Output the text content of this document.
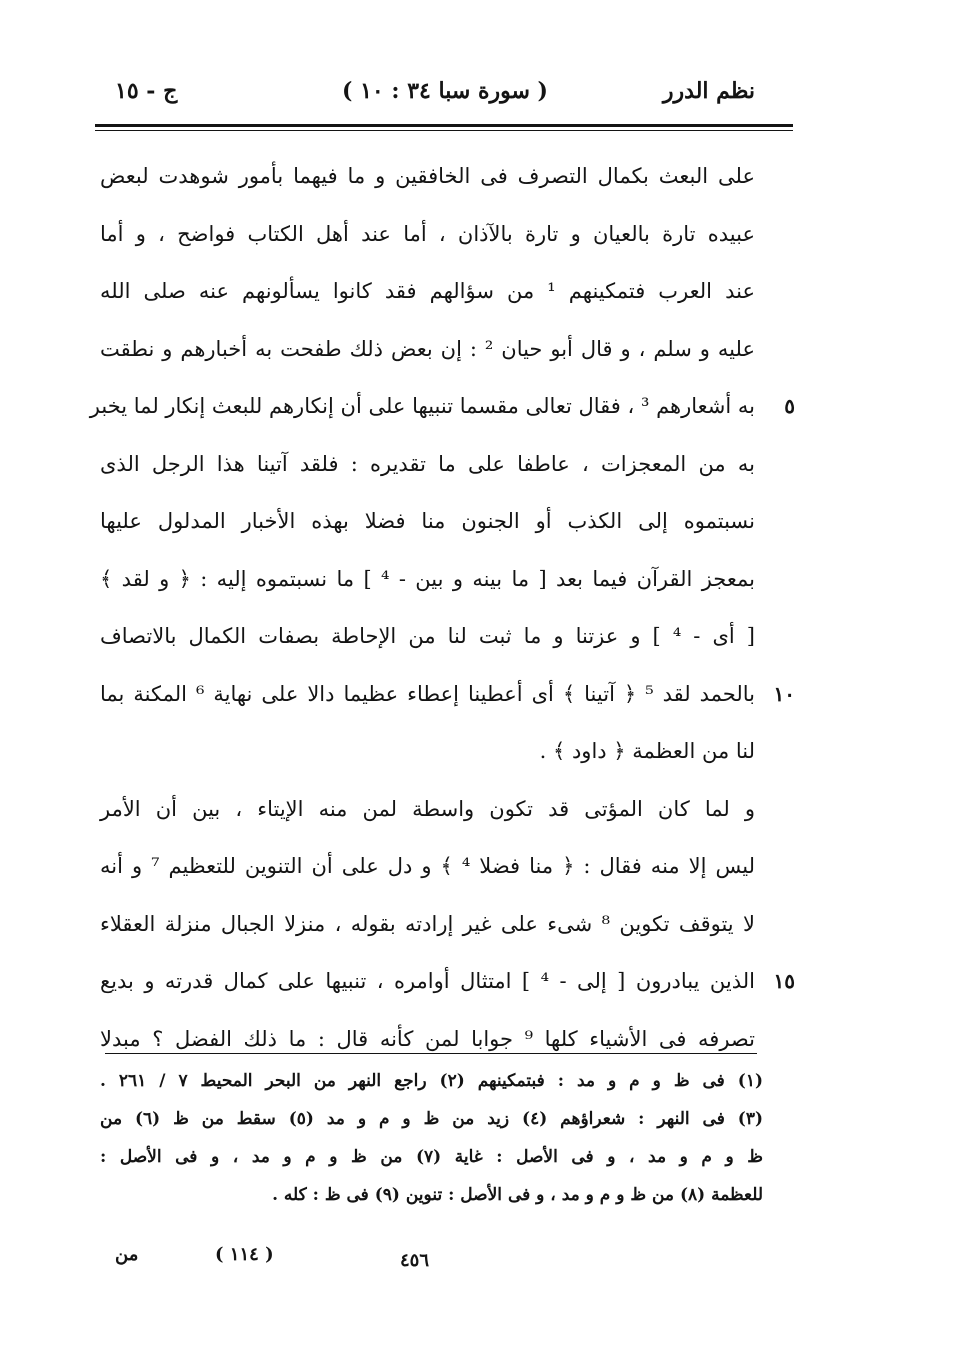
نظم الدرر
( سورة سبا ٣٤ : ١٠ )
ج - ١٥
على البعث بكمال التصرف فى الخافقين و ما فيهما بأمور شوهدت لبعض
عبيده تارة بالعيان و تارة بالآذان ، أما عند أهل الكتاب فواضح ، و أما
عند العرب فتمكينهم ¹ من سؤالهم فقد كانوا يسألونهم عنه صلى الله
عليه و سلم ، و قال أبو حيان ² : إن بعض ذلك طفحت به أخبارهم و نطقت
٥
به أشعارهم ³ ، فقال تعالى مقسما تنبيها على أن إنكارهم للبعث إنكار لما يخبر
به من المعجزات ، عاطفا على ما تقديره : فلقد آتينا هذا الرجل الذى
نسبتموه إلى الكذب أو الجنون منا فضلا بهذه الأخبار المدلول عليها
بمعجز القرآن فيما بعد [ ما بينه و بين - ⁴ ] ما نسبتموه إليه : ﴿ و لقد ﴾
[ أى - ⁴ ] و عزتنا و ما ثبت لنا من الإحاطة بصفات الكمال بالاتصاف
١٠
بالحمد لقد ⁵ ﴿ آتينا ﴾ أى أعطينا إعطاء عظيما دالا على نهاية ⁶ المكنة بما
لنا من العظمة ﴿ داود ﴾ .
و لما كان المؤتى قد تكون واسطة لمن منه الإيتاء ، بين أن الأمر
ليس إلا منه فقال : ﴿ منا فضلا ⁴ ﴾ و دل على أن التنوين للتعظيم ⁷ و أنه
لا يتوقف تكوين ⁸ شىء على غير إرادته بقوله ، منزلا الجبال منزلة العقلاء
١٥
الذين يبادرون [ إلى - ⁴ ] امتثال أوامره ، تنبيها على كمال قدرته و بديع
تصرفه فى الأشياء كلها ⁹ جوابا لمن كأنه قال : ما ذلك الفضل ؟ مبدلا
(١) فى ظ و م و مد : فبتمكينهم (٢) راجع النهر من البحر المحيط ٧ / ٢٦١ .
(٣) فى النهر : شعراؤهم (٤) زيد من ظ و م و مد (٥) سقط من ظ (٦) من
ظ و م و مد ، و فى الأصل : غاية (٧) من ظ و م و مد ، و فى الأصل :
للعظمة (٨) من ظ و م و مد ، و فى الأصل : تنوين (٩) فى ظ : كله .
من	( ١١٤ )	٤٥٦
